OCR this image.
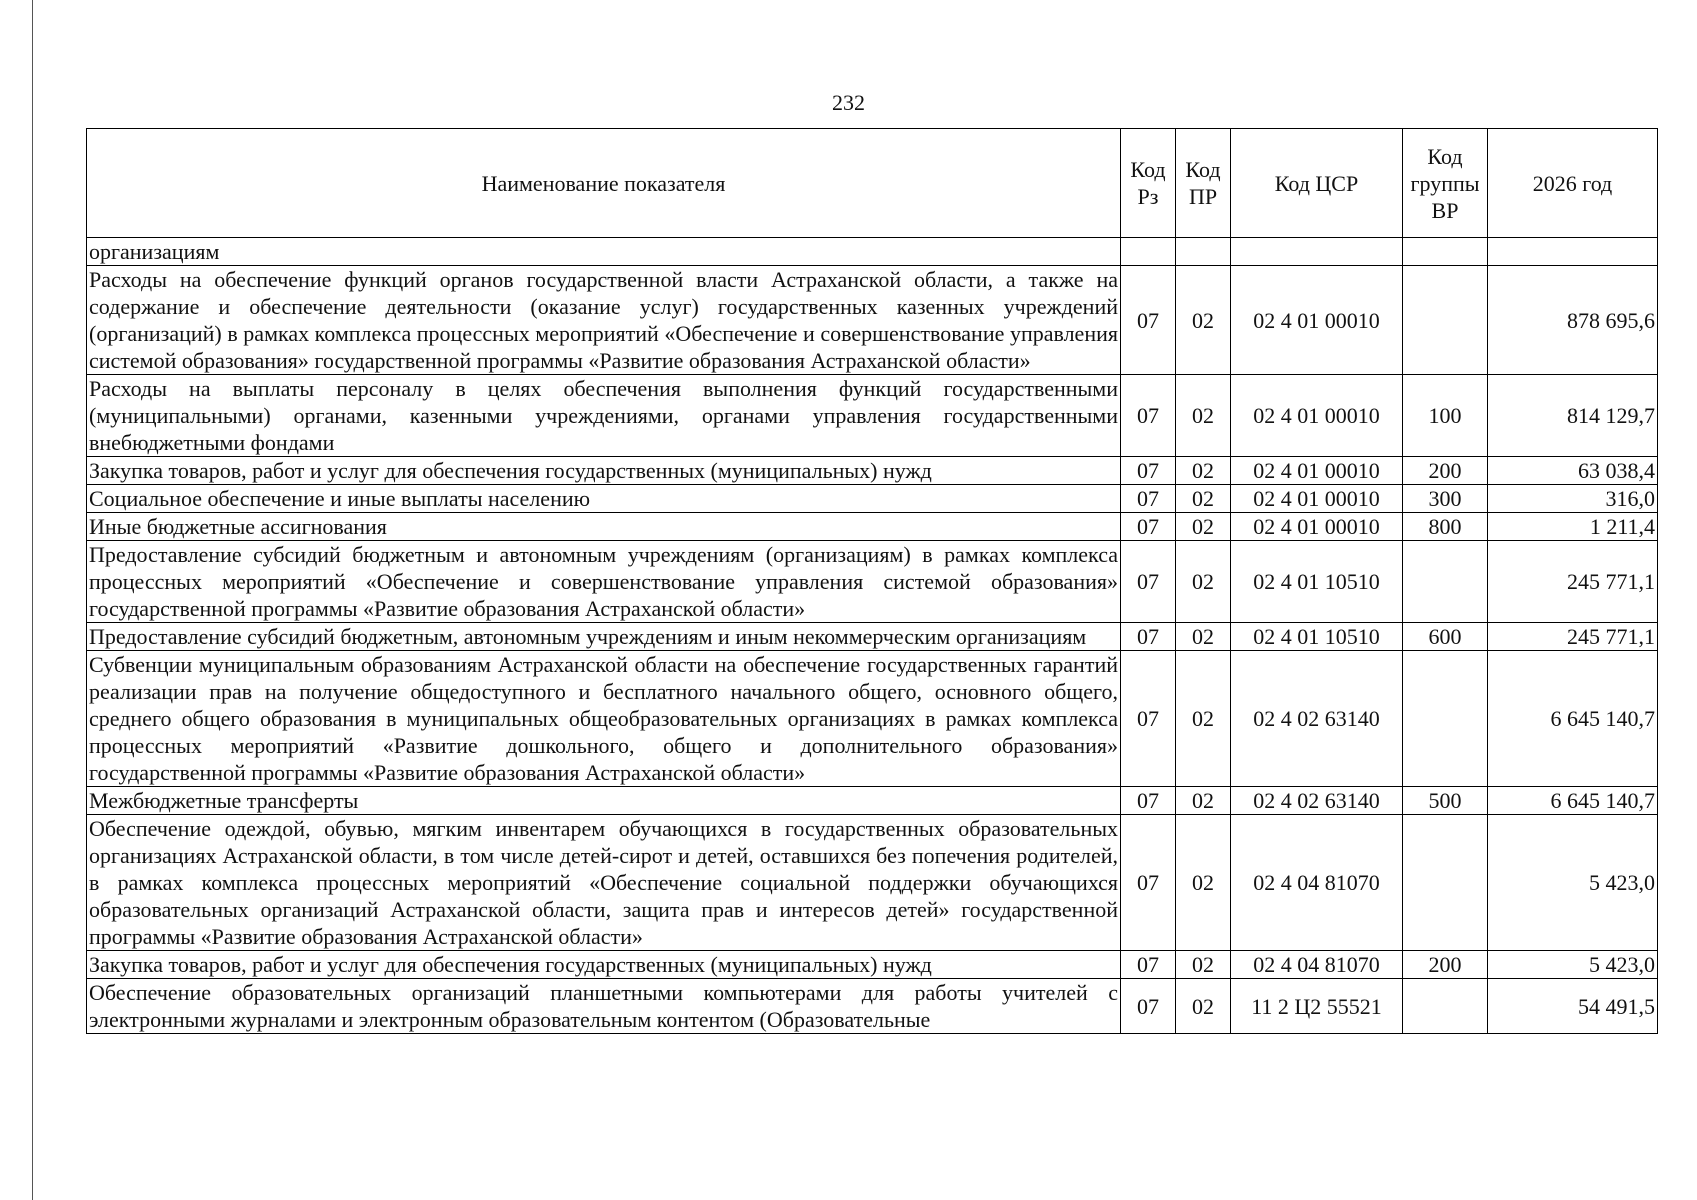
232
Наименование показателя	Код Рз	Код ПР	Код ЦСР	Код группы ВР	2026 год
организациям					
Расходы на обеспечение функций органов государственной власти Астраханской области, а также на содержание и обеспечение деятельности (оказание услуг) государственных казенных учреждений (организаций) в рамках комплекса процессных мероприятий «Обеспечение и совершенствование управления системой образования» государственной программы «Развитие образования Астраханской области»	07	02	02 4 01 00010		878 695,6
Расходы на выплаты персоналу в целях обеспечения выполнения функций государственными (муниципальными) органами, казенными учреждениями, органами управления государственными внебюджетными фондами	07	02	02 4 01 00010	100	814 129,7
Закупка товаров, работ и услуг для обеспечения государственных (муниципальных) нужд	07	02	02 4 01 00010	200	63 038,4
Социальное обеспечение и иные выплаты населению	07	02	02 4 01 00010	300	316,0
Иные бюджетные ассигнования	07	02	02 4 01 00010	800	1 211,4
Предоставление субсидий бюджетным и автономным учреждениям (организациям) в рамках комплекса процессных мероприятий «Обеспечение и совершенствование управления системой образования» государственной программы «Развитие образования Астраханской области»	07	02	02 4 01 10510		245 771,1
Предоставление субсидий бюджетным, автономным учреждениям и иным некоммерческим организациям	07	02	02 4 01 10510	600	245 771,1
Субвенции муниципальным образованиям Астраханской области на обеспечение государственных гарантий реализации прав на получение общедоступного и бесплатного начального общего, основного общего, среднего общего образования в муниципальных общеобразовательных организациях в рамках комплекса процессных мероприятий «Развитие дошкольного, общего и дополнительного образования» государственной программы «Развитие образования Астраханской области»	07	02	02 4 02 63140		6 645 140,7
Межбюджетные трансферты	07	02	02 4 02 63140	500	6 645 140,7
Обеспечение одеждой, обувью, мягким инвентарем обучающихся в государственных образовательных организациях Астраханской области, в том числе детей-сирот и детей, оставшихся без попечения родителей, в рамках комплекса процессных мероприятий «Обеспечение социальной поддержки обучающихся образовательных организаций Астраханской области, защита прав и интересов детей» государственной программы «Развитие образования Астраханской области»	07	02	02 4 04 81070		5 423,0
Закупка товаров, работ и услуг для обеспечения государственных (муниципальных) нужд	07	02	02 4 04 81070	200	5 423,0
Обеспечение образовательных организаций планшетными компьютерами для работы учителей с электронными журналами и электронным образовательным контентом (Образовательные	07	02	11 2 Ц2 55521		54 491,5
